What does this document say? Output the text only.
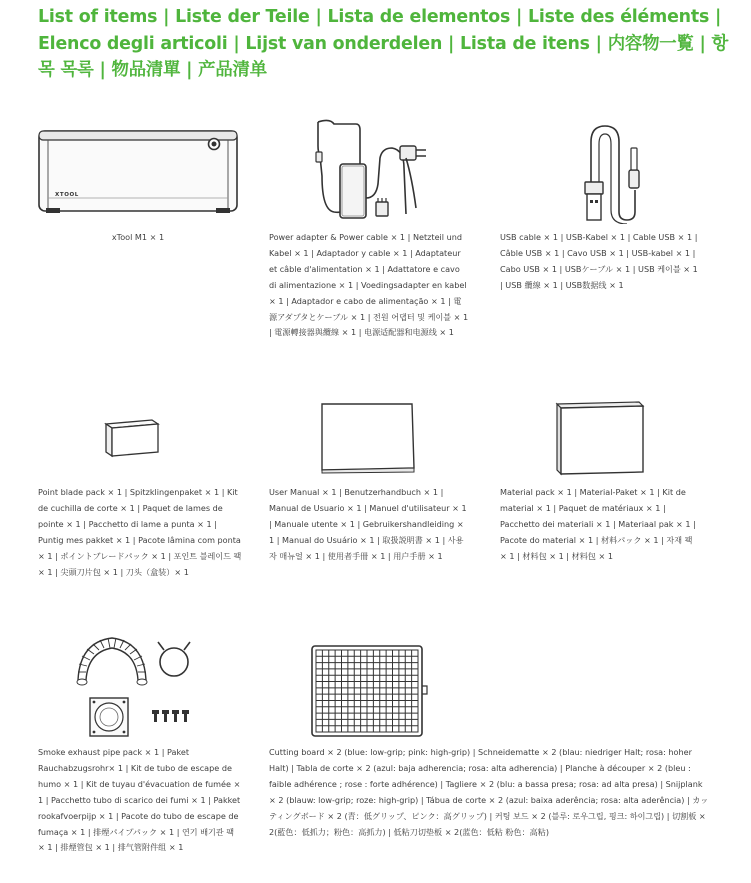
List of items | Liste der Teile | Lista de elementos | Liste des éléments | Elenco degli articoli | Lijst van onderdelen | Lista de itens | 内容物一覧 | 항목 목록 | 物品清單 | 产品清单
XTOOL
xTool M1 × 1	Power adapter & Power cable × 1 | Netzteil und Kabel × 1 | Adaptador y cable × 1 | Adaptateur et câble d'alimentation × 1 | Adattatore e cavo di alimentazione × 1 | Voedingsadapter en kabel × 1 | Adaptador e cabo de alimentação × 1 | 電源アダプタとケーブル × 1 | 전원 어댑터 및 케이블 × 1 | 電源轉接器與纜線 × 1 | 电源适配器和电源线 × 1
USB cable × 1 | USB-Kabel × 1 | Cable USB × 1 | Câble USB × 1 | Cavo USB × 1 | USB-kabel × 1 | Cabo USB × 1 | USBケーブル × 1 | USB 케이블 × 1 | USB 纜線 × 1 | USB数据线 × 1
Point blade pack × 1 | Spitzklingenpaket × 1 | Kit de cuchilla de corte × 1 | Paquet de lames de pointe × 1 | Pacchetto di lame a punta × 1 | Puntig mes pakket × 1 | Pacote lâmina com ponta × 1 | ポイントブレードパック × 1 | 포인트 블레이드 팩 × 1 | 尖頭刀片包 × 1 | 刀头（盒装）× 1
User Manual × 1 | Benutzerhandbuch × 1 | Manual de Usuario × 1 | Manuel d'utilisateur × 1 | Manuale utente × 1 | Gebruikershandleiding × 1 | Manual do Usuário × 1 | 取扱説明書 × 1 | 사용자 매뉴얼 × 1 | 使用者手冊 × 1 | 用户手册 × 1
Material pack × 1 | Material-Paket × 1 | Kit de material × 1 | Paquet de matériaux × 1 | Pacchetto dei materiali × 1 | Materiaal pak × 1 | Pacote do material × 1 | 材料パック × 1 | 자재 팩 × 1 | 材料包 × 1 | 材料包 × 1
Smoke exhaust pipe pack × 1 | Paket Rauchabzugsrohr× 1 | Kit de tubo de escape de humo × 1 | Kit de tuyau d'évacuation de fumée × 1 | Pacchetto tubo di scarico dei fumi × 1 | Pakket rookafvoerpijp × 1 | Pacote do tubo de escape de fumaça × 1 | 排煙パイプパック × 1 | 연기 배기관 팩 × 1 | 排煙管包 × 1 | 排气管附件组 × 1
Cutting board × 2 (blue: low-grip; pink: high-grip) | Schneidematte × 2 (blau: niedriger Halt; rosa: hoher Halt) | Tabla de corte × 2 (azul: baja adherencia; rosa: alta adherencia) | Planche à découper × 2 (bleu : faible adhérence ; rose : forte adhérence) | Tagliere × 2 (blu: a bassa presa; rosa: ad alta presa) | Snijplank × 2 (blauw: low-grip; roze: high-grip) | Tábua de corte × 2 (azul: baixa aderência; rosa: alta aderência) | カッティングボード × 2 (青：低グリップ、ピンク：高グリップ) | 커팅 보드 × 2 (블루: 로우그립, 핑크: 하이그립) | 切割板 × 2(藍色：低抓力；粉色：高抓力) | 低粘刀切垫板 × 2(蓝色：低粘 粉色：高粘)
